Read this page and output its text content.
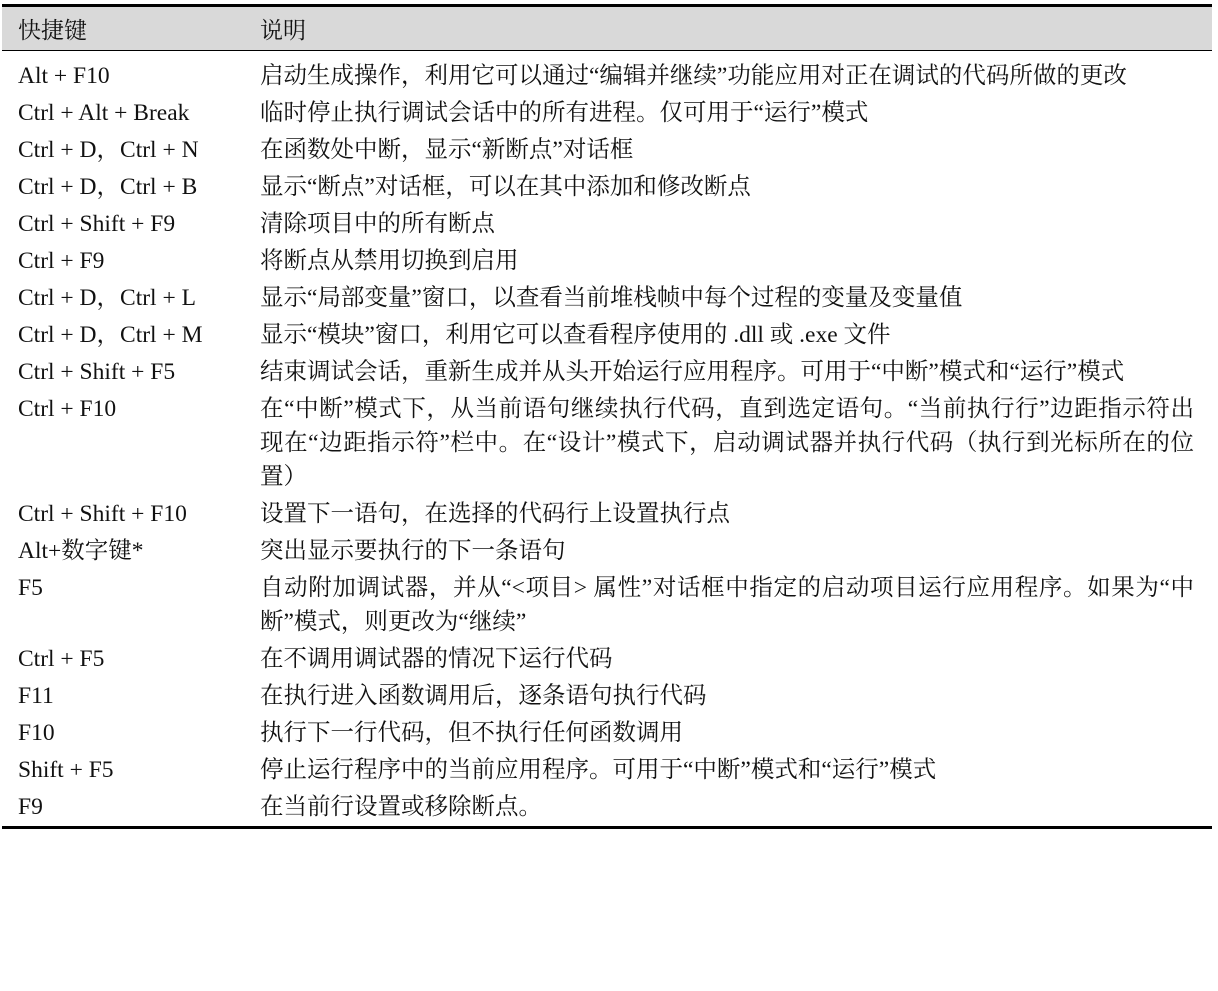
快捷键	说明
Alt + F10	启动生成操作，利用它可以通过“编辑并继续”功能应用对正在调试的代码所做的更改
Ctrl + Alt + Break	临时停止执行调试会话中的所有进程。仅可用于“运行”模式
Ctrl + D，Ctrl + N	在函数处中断，显示“新断点”对话框
Ctrl + D，Ctrl + B	显示“断点”对话框，可以在其中添加和修改断点
Ctrl + Shift + F9	清除项目中的所有断点
Ctrl + F9	将断点从禁用切换到启用
Ctrl + D，Ctrl + L	显示“局部变量”窗口，以查看当前堆栈帧中每个过程的变量及变量值
Ctrl + D，Ctrl + M	显示“模块”窗口，利用它可以查看程序使用的 .dll 或 .exe 文件
Ctrl + Shift + F5	结束调试会话，重新生成并从头开始运行应用程序。可用于“中断”模式和“运行”模式
Ctrl + F10	在“中断”模式下，从当前语句继续执行代码，直到选定语句。“当前执行行”边距指示符出现在“边距指示符”栏中。在“设计”模式下，启动调试器并执行代码（执行到光标所在的位置）
Ctrl + Shift + F10	设置下一语句，在选择的代码行上设置执行点
Alt+数字键*	突出显示要执行的下一条语句
F5	自动附加调试器，并从“<项目> 属性”对话框中指定的启动项目运行应用程序。如果为“中断”模式，则更改为“继续”
Ctrl + F5	在不调用调试器的情况下运行代码
F11	在执行进入函数调用后，逐条语句执行代码
F10	执行下一行代码，但不执行任何函数调用
Shift + F5	停止运行程序中的当前应用程序。可用于“中断”模式和“运行”模式
F9	在当前行设置或移除断点。
